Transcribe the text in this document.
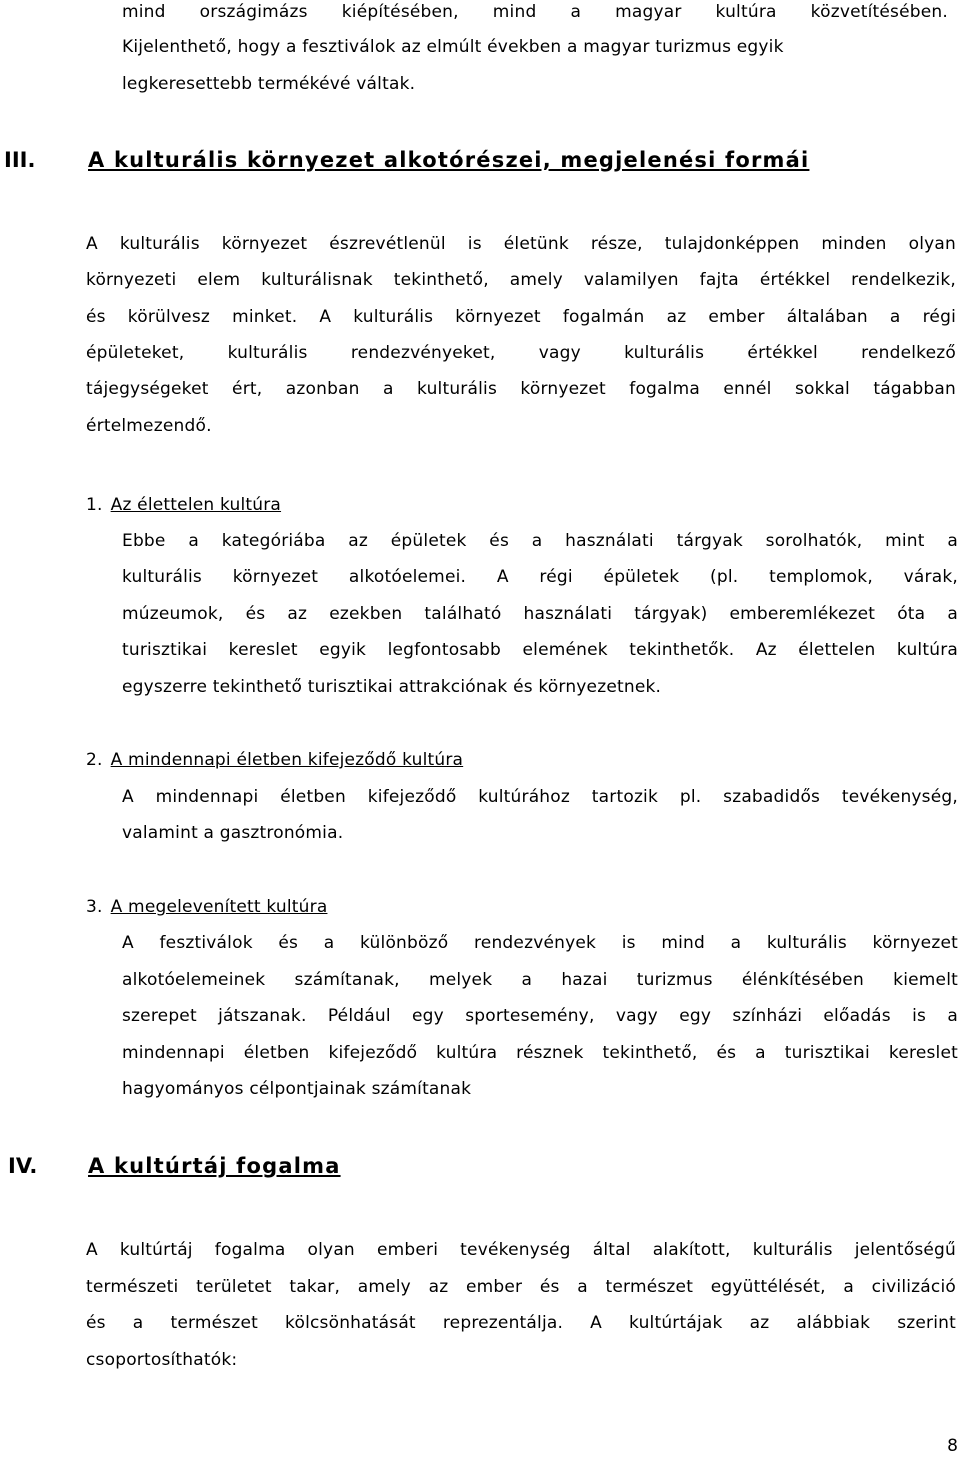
mind országimázs kiépítésében, mind a magyar kultúra közvetítésében.

Kijelenthető, hogy a fesztiválok az elmúlt években a magyar turizmus egyik

legkeresettebb termékévé váltak.

III.	A kulturális környezet alkotórészei, megjelenési formái

A kulturális környezet észrevétlenül is életünk része, tulajdonképpen minden olyan

környezeti elem kulturálisnak tekinthető, amely valamilyen fajta értékkel rendelkezik,

és körülvesz minket. A kulturális környezet fogalmán az ember általában a régi

épületeket, kulturális rendezvényeket, vagy kulturális értékkel rendelkező

tájegységeket ért, azonban a kulturális környezet fogalma ennél sokkal tágabban

értelmezendő.

1. Az élettelen kultúra

Ebbe a kategóriába az épületek és a használati tárgyak sorolhatók, mint a

kulturális környezet alkotóelemei. A régi épületek (pl. templomok, várak,

múzeumok, és az ezekben található használati tárgyak) emberemlékezet óta a

turisztikai kereslet egyik legfontosabb elemének tekinthetők. Az élettelen kultúra

egyszerre tekinthető turisztikai attrakciónak és környezetnek.

2. A mindennapi életben kifejeződő kultúra

A mindennapi életben kifejeződő kultúrához tartozik pl. szabadidős tevékenység,

valamint a gasztronómia.

3. A megelevenített kultúra

A fesztiválok és a különböző rendezvények is mind a kulturális környezet

alkotóelemeinek számítanak, melyek a hazai turizmus élénkítésében kiemelt

szerepet játszanak. Például egy sportesemény, vagy egy színházi előadás is a

mindennapi életben kifejeződő kultúra résznek tekinthető, és a turisztikai kereslet

hagyományos célpontjainak számítanak

IV. A kultúrtáj fogalma

A kultúrtáj fogalma olyan emberi tevékenység által alakított, kulturális jelentőségű

természeti területet takar, amely az ember és a természet együttélését, a civilizáció

és a természet kölcsönhatását reprezentálja. A kultúrtájak az alábbiak szerint

csoportosíthatók:

8
